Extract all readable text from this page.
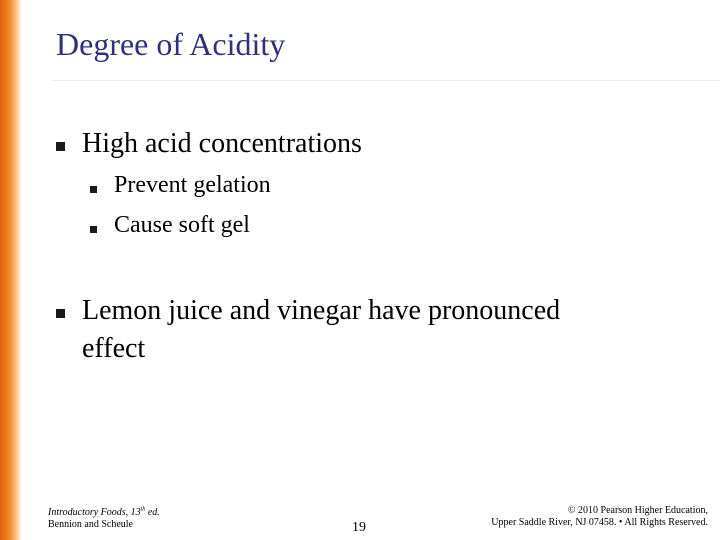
Degree of Acidity
High acid concentrations
Prevent gelation
Cause soft gel
Lemon juice and vinegar have pronounced
effect
Introductory Foods, 13th ed.
Bennion and Scheule	19
© 2010 Pearson Higher Education,
Upper Saddle River, NJ 07458. • All Rights Reserved.
